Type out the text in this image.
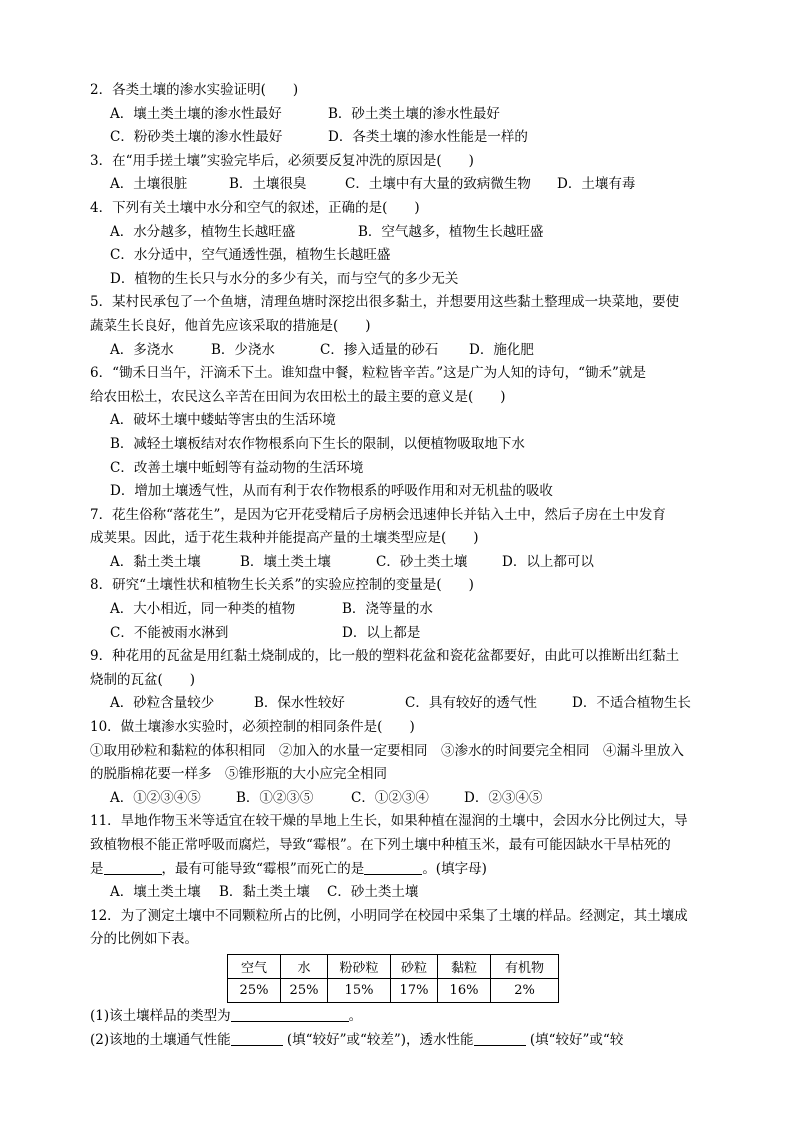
2．各类土壤的渗水实验证明(　　)
A．壤土类土壤的渗水性最好	B．砂土类土壤的渗水性最好
C．粉砂类土壤的渗水性最好	D．各类土壤的渗水性能是一样的
3．在“用手搓土壤”实验完毕后，必须要反复冲洗的原因是(　　)
A．土壤很脏	B．土壤很臭	C．土壤中有大量的致病微生物	D．土壤有毒
4．下列有关土壤中水分和空气的叙述，正确的是(　　)
A．水分越多，植物生长越旺盛	B．空气越多，植物生长越旺盛
C．水分适中，空气通透性强，植物生长越旺盛
D．植物的生长只与水分的多少有关，而与空气的多少无关
5．某村民承包了一个鱼塘，清理鱼塘时深挖出很多黏土，并想要用这些黏土整理成一块菜地，要使
蔬菜生长良好，他首先应该采取的措施是(　　)
A．多浇水	B．少浇水	C．掺入适量的砂石	D．施化肥
6．“锄禾日当午，汗滴禾下土。谁知盘中餐，粒粒皆辛苦。”这是广为人知的诗句，“锄禾”就是
给农田松土，农民这么辛苦在田间为农田松土的最主要的意义是(　　)
A．破坏土壤中蝼蛄等害虫的生活环境
B．减轻土壤板结对农作物根系向下生长的限制，以便植物吸取地下水
C．改善土壤中蚯蚓等有益动物的生活环境
D．增加土壤透气性，从而有利于农作物根系的呼吸作用和对无机盐的吸收
7．花生俗称“落花生”，是因为它开花受精后子房柄会迅速伸长并钻入土中，然后子房在土中发育
成荚果。因此，适于花生栽种并能提高产量的土壤类型应是(　　)
A．黏土类土壤	B．壤土类土壤	C．砂土类土壤	D．以上都可以
8．研究“土壤性状和植物生长关系”的实验应控制的变量是(　　)
A．大小相近，同一种类的植物	B．浇等量的水
C．不能被雨水淋到	D．以上都是
9．种花用的瓦盆是用红黏土烧制成的，比一般的塑料花盆和瓷花盆都要好，由此可以推断出红黏土
烧制的瓦盆(　　)
A．砂粒含量较少	B．保水性较好	C．具有较好的透气性	D．不适合植物生长
10．做土壤渗水实验时，必须控制的相同条件是(　　)
①取用砂粒和黏粒的体积相同　②加入的水量一定要相同　③渗水的时间要完全相同　④漏斗里放入
的脱脂棉花要一样多　⑤锥形瓶的大小应完全相同
A．①②③④⑤	B．①②③⑤	C．①②③④	D．②③④⑤
11．旱地作物玉米等适宜在较干燥的旱地上生长，如果种植在湿润的土壤中，会因水分比例过大，导
致植物根不能正常呼吸而腐烂，导致“霉根”。在下列土壤中种植玉米，最有可能因缺水干旱枯死的
是	，最有可能导致“霉根”而死亡的是	。(填字母)
A．壤土类土壤	B．黏土类土壤	C．砂土类土壤
12．为了测定土壤中不同颗粒所占的比例，小明同学在校园中采集了土壤的样品。经测定，其土壤成
分的比例如下表。
空气	水	粉砂粒	砂粒	黏粒	有机物
25%	25%	15%	17%	16%	2%
(1)该土壤样品的类型为	。
(2)该地的土壤通气性能	(填“较好”或“较差”)，透水性能	(填“较好”或“较
